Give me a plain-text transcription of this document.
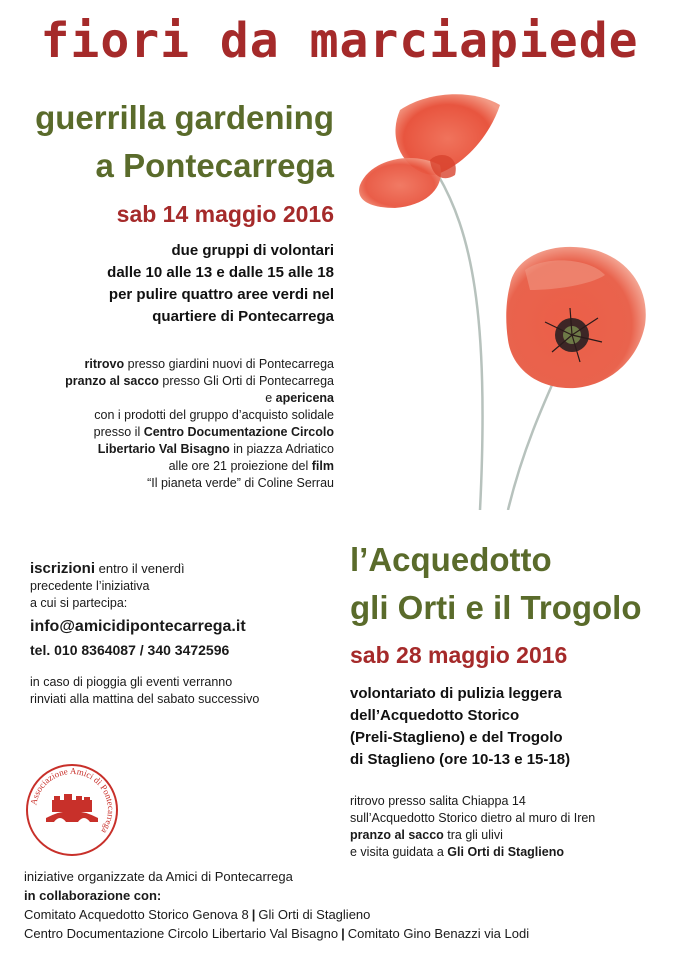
fiori da marciapiede
guerrilla gardening
a Pontecarrega
sab 14 maggio 2016
due gruppi di volontari
dalle 10 alle 13 e dalle 15 alle 18
per pulire quattro aree verdi nel
quartiere di Pontecarrega
ritrovo presso giardini nuovi di Pontecarrega
pranzo al sacco presso Gli Orti di Pontecarrega
e apericena
con i prodotti del gruppo d’acquisto solidale
presso il Centro Documentazione Circolo
Libertario Val Bisagno in piazza Adriatico
alle ore 21 proiezione del film
“Il pianeta verde” di Coline Serrau
iscrizioni entro il venerdì
precedente l’iniziativa
a cui si partecipa:
info@amicidipontecarrega.it
tel. 010 8364087 / 340 3472596
in caso di pioggia gli eventi verranno
rinviati alla mattina del sabato successivo
l’Acquedotto
gli Orti e il Trogolo
sab 28 maggio 2016
volontariato di pulizia leggera
dell’Acquedotto Storico
(Preli-Staglieno) e del Trogolo
di Staglieno (ore 10-13 e 15-18)
ritrovo presso salita Chiappa 14
sull’Acquedotto Storico dietro al muro di Iren
pranzo al sacco tra gli ulivi
e visita guidata a Gli Orti di Staglieno
Associazione Amici di Pontecarrega
iniziative organizzate da Amici di Pontecarrega
in collaborazione con:
Comitato Acquedotto Storico Genova 8 | Gli Orti di Staglieno
Centro Documentazione Circolo Libertario Val Bisagno | Comitato Gino Benazzi via Lodi
